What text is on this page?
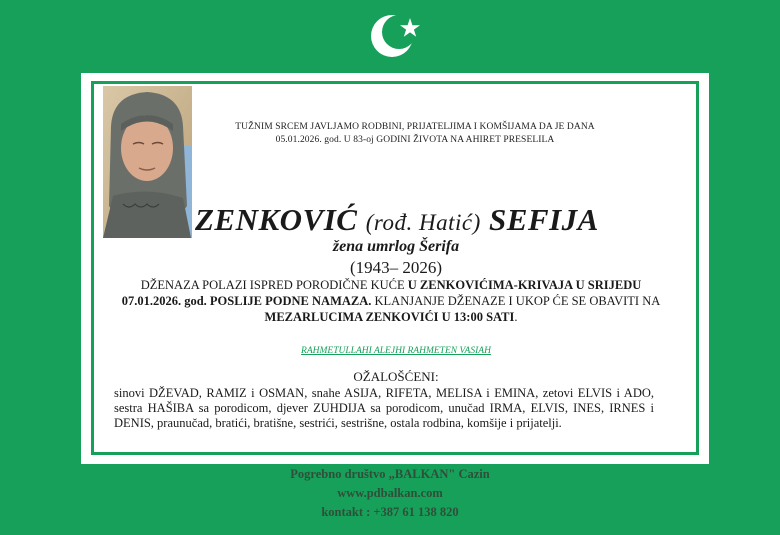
TUŽNIM SRCEM JAVLJAMO RODBINI, PRIJATELJIMA I KOMŠIJAMA DA JE DANA
05.01.2026. god. U 83-oj GODINI ŽIVOTA NA AHIRET PRESELILA
ZENKOVIĆ (rođ. Hatić) SEFIJA
žena umrlog Šerifa
(1943– 2026)
DŽENAZA POLAZI ISPRED PORODIČNE KUĆE U ZENKOVIĆIMA-KRIVAJA U SRIJEDU 07.01.2026. god. POSLIJE PODNE NAMAZA. KLANJANJE DŽENAZE I UKOP ĆE SE OBAVITI NA MEZARLUCIMA ZENKOVIĆI U 13:00 SATI.
RAHMETULLAHI ALEJHI RAHMETEN VASIAH
OŽALOŠĆENI:
sinovi DŽEVAD, RAMIZ i OSMAN, snahe ASIJA, RIFETA, MELISA i EMINA, zetovi ELVIS i ADO, sestra HAŠIBA sa porodicom, djever ZUHDIJA sa porodicom, unučad IRMA, ELVIS, INES, IRNES i DENIS, praunučad, bratići, bratišne, sestrići, sestrišne, ostala rodbina, komšije i prijatelji.
Pogrebno društvo „BALKAN" Cazin
www.pdbalkan.com
kontakt : +387 61 138 820
